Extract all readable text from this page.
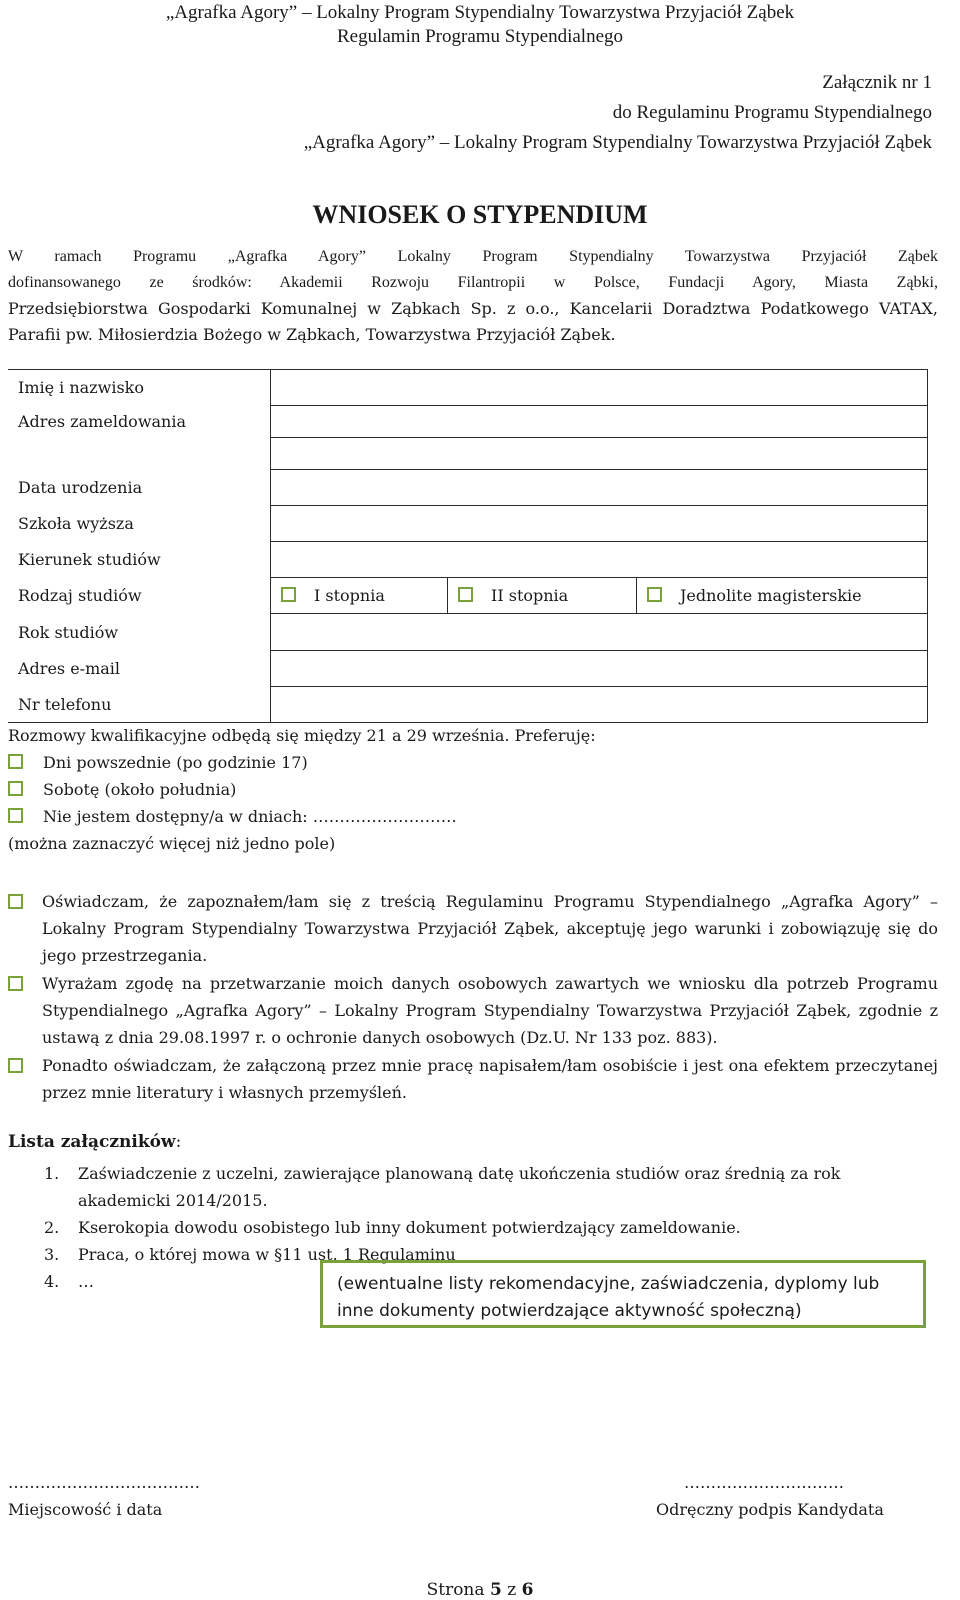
„Agrafka Agory” – Lokalny Program Stypendialny Towarzystwa Przyjaciół Ząbek
Regulamin Programu Stypendialnego
Załącznik nr 1
do Regulaminu Programu Stypendialnego
„Agrafka Agory” – Lokalny Program Stypendialny Towarzystwa Przyjaciół Ząbek
WNIOSEK O STYPENDIUM
W ramach Programu „Agrafka Agory” Lokalny Program Stypendialny Towarzystwa Przyjaciół Ząbek
dofinansowanego ze środków: Akademii Rozwoju Filantropii w Polsce, Fundacji Agory, Miasta Ząbki,
Przedsiębiorstwa Gospodarki Komunalnej w Ząbkach Sp. z o.o., Kancelarii Doradztwa Podatkowego VATAX,
Parafii pw. Miłosierdzia Bożego w Ząbkach, Towarzystwa Przyjaciół Ząbek.
Imię i nazwisko			
Adres zameldowania			

Data urodzenia			
Szkoła wyższa			
Kierunek studiów			
Rodzaj studiów	I stopnia	II stopnia	Jednolite magisterskie
Rok studiów			
Adres e-mail			
Nr telefonu			
Rozmowy kwalifikacyjne odbędą się między 21 a 29 września. Preferuję:
Dni powszednie (po godzinie 17)
Sobotę (około południa)
Nie jestem dostępny/a w dniach: ………………………
(można zaznaczyć więcej niż jedno pole)
Oświadczam, że zapoznałem/łam się z treścią Regulaminu Programu Stypendialnego „Agrafka Agory” – Lokalny Program Stypendialny Towarzystwa Przyjaciół Ząbek, akceptuję jego warunki i zobowiązuję się do jego przestrzegania.
Wyrażam zgodę na przetwarzanie moich danych osobowych zawartych we wniosku dla potrzeb Programu Stypendialnego „Agrafka Agory” – Lokalny Program Stypendialny Towarzystwa Przyjaciół Ząbek, zgodnie z ustawą z dnia 29.08.1997 r. o ochronie danych osobowych (Dz.U. Nr 133 poz. 883).
Ponadto oświadczam, że załączoną przez mnie pracę napisałem/łam osobiście i jest ona efektem przeczytanej przez mnie literatury i własnych przemyśleń.
Lista załączników:
1. Zaświadczenie z uczelni, zawierające planowaną datę ukończenia studiów oraz średnią za rok akademicki 2014/2015.
2. Kserokopia dowodu osobistego lub inny dokument potwierdzający zameldowanie.
3. Praca, o której mowa w §11 ust. 1 Regulaminu
4. …	(ewentualne listy rekomendacyjne, zaświadczenia, dyplomy lub inne dokumenty potwierdzające aktywność społeczną)
………………………………
Miejscowość i data
…………………………
Odręczny podpis Kandydata
Strona 5 z 6
